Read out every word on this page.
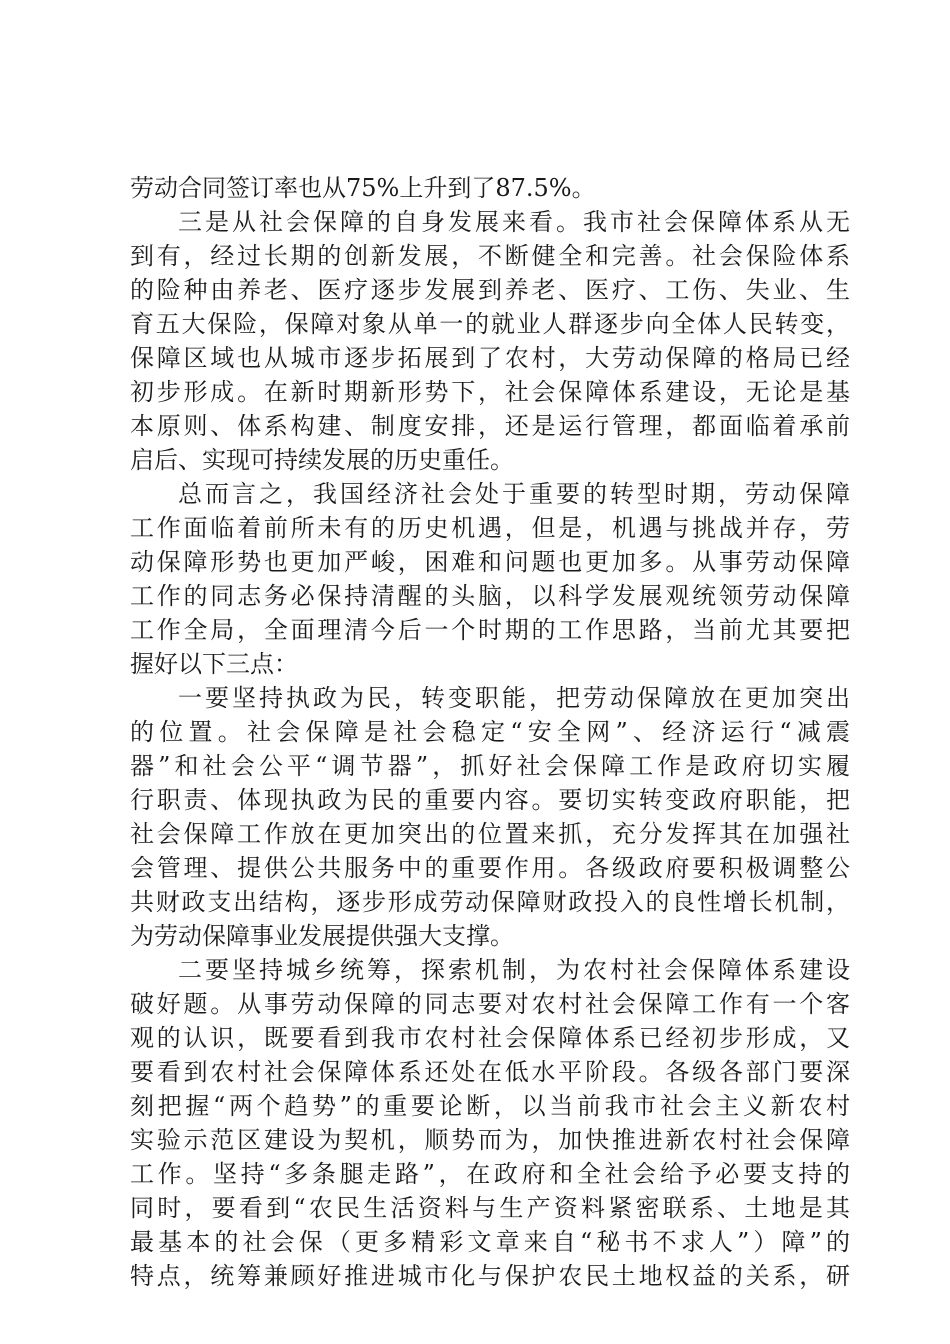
劳动合同签订率也从75%上升到了87.5%。
三是从社会保障的自身发展来看。我市社会保障体系从无
到有，经过长期的创新发展，不断健全和完善。社会保险体系
的险种由养老、医疗逐步发展到养老、医疗、工伤、失业、生
育五大保险，保障对象从单一的就业人群逐步向全体人民转变，
保障区域也从城市逐步拓展到了农村，大劳动保障的格局已经
初步形成。在新时期新形势下，社会保障体系建设，无论是基
本原则、体系构建、制度安排，还是运行管理，都面临着承前
启后、实现可持续发展的历史重任。
总而言之，我国经济社会处于重要的转型时期，劳动保障
工作面临着前所未有的历史机遇，但是，机遇与挑战并存，劳
动保障形势也更加严峻，困难和问题也更加多。从事劳动保障
工作的同志务必保持清醒的头脑，以科学发展观统领劳动保障
工作全局，全面理清今后一个时期的工作思路，当前尤其要把
握好以下三点：
一要坚持执政为民，转变职能，把劳动保障放在更加突出
的位置。社会保障是社会稳定“安全网”、经济运行“减震
器”和社会公平“调节器”，抓好社会保障工作是政府切实履
行职责、体现执政为民的重要内容。要切实转变政府职能，把
社会保障工作放在更加突出的位置来抓，充分发挥其在加强社
会管理、提供公共服务中的重要作用。各级政府要积极调整公
共财政支出结构，逐步形成劳动保障财政投入的良性增长机制，
为劳动保障事业发展提供强大支撑。
二要坚持城乡统筹，探索机制，为农村社会保障体系建设
破好题。从事劳动保障的同志要对农村社会保障工作有一个客
观的认识，既要看到我市农村社会保障体系已经初步形成，又
要看到农村社会保障体系还处在低水平阶段。各级各部门要深
刻把握“两个趋势”的重要论断，以当前我市社会主义新农村
实验示范区建设为契机，顺势而为，加快推进新农村社会保障
工作。坚持“多条腿走路”，在政府和全社会给予必要支持的
同时，要看到“农民生活资料与生产资料紧密联系、土地是其
最基本的社会保（更多精彩文章来自“秘书不求人”）障”的
特点，统筹兼顾好推进城市化与保护农民土地权益的关系，研
